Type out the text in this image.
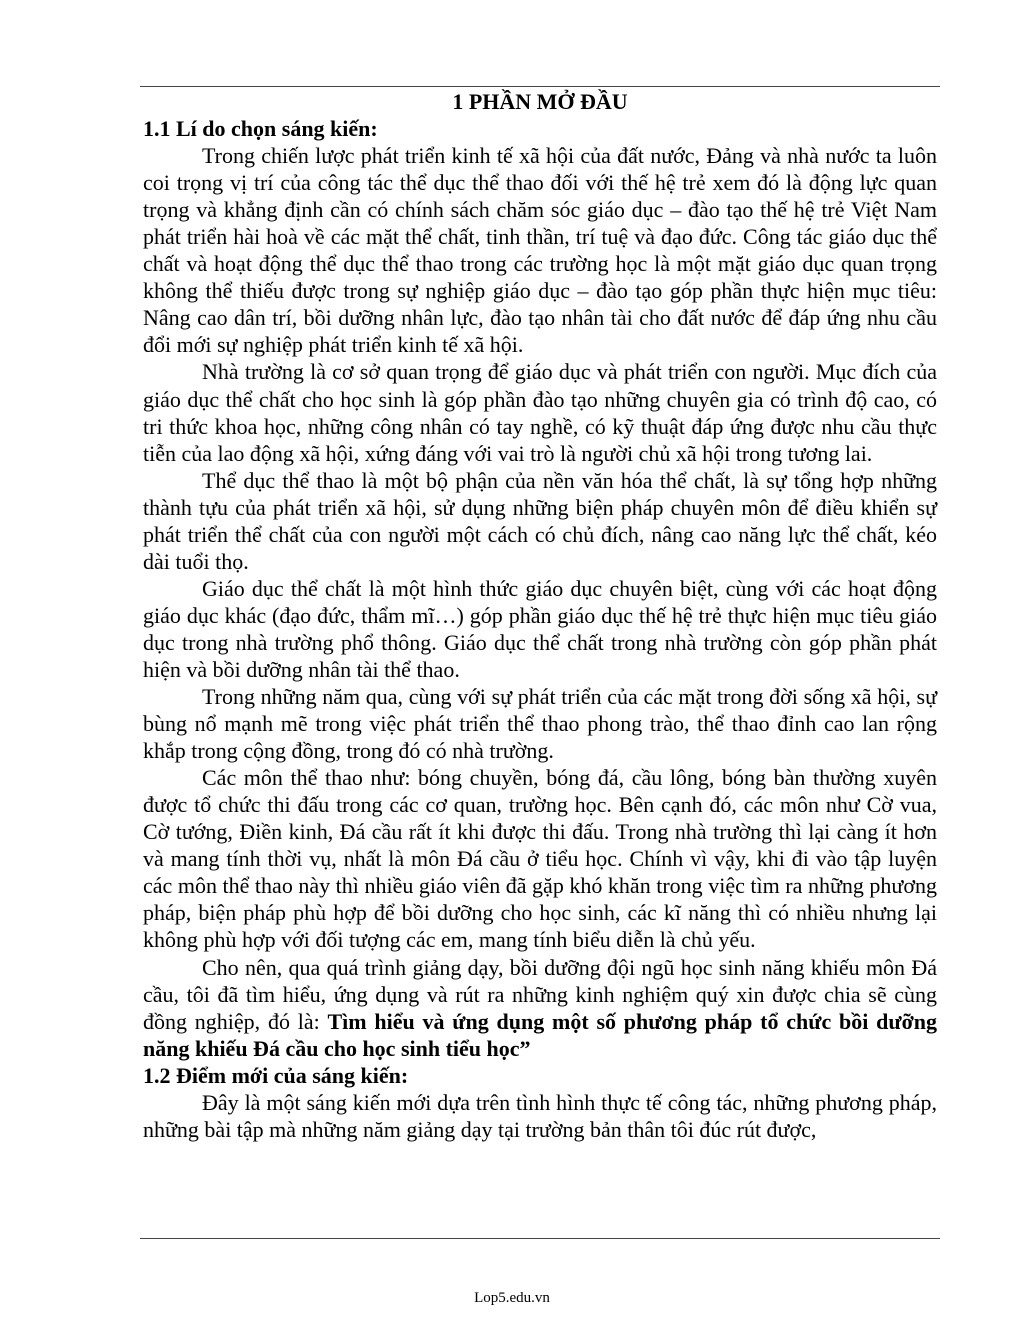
1 PHẦN MỞ ĐẦU

1.1 Lí do chọn sáng kiến:

Trong chiến lược phát triển kinh tế xã hội của đất nước, Đảng và nhà nước ta luôn coi trọng vị trí của công tác thể dục thể thao đối với thế hệ trẻ xem đó là động lực quan trọng và khẳng định cần có chính sách chăm sóc giáo dục – đào tạo thế hệ trẻ Việt Nam phát triển hài hoà về các mặt thể chất, tinh thần, trí tuệ và đạo đức. Công tác giáo dục thể chất và hoạt động thể dục thể thao trong các trường học là một mặt giáo dục quan trọng không thể thiếu được trong sự nghiệp giáo dục – đào tạo góp phần thực hiện mục tiêu: Nâng cao dân trí, bồi dưỡng nhân lực, đào tạo nhân tài cho đất nước để đáp ứng nhu cầu đổi mới sự nghiệp phát triển kinh tế xã hội.

Nhà trường là cơ sở quan trọng để giáo dục và phát triển con người. Mục đích của giáo dục thể chất cho học sinh là góp phần đào tạo những chuyên gia có trình độ cao, có tri thức khoa học, những công nhân có tay nghề, có kỹ thuật đáp ứng được nhu cầu thực tiễn của lao động xã hội, xứng đáng với vai trò là người chủ xã hội trong tương lai.

Thể dục thể thao là một bộ phận của nền văn hóa thể chất, là sự tổng hợp những thành tựu của phát triển xã hội, sử dụng những biện pháp chuyên môn để điều khiển sự phát triển thể chất của con người một cách có chủ đích, nâng cao năng lực thể chất, kéo dài tuổi thọ.

Giáo dục thể chất là một hình thức giáo dục chuyên biệt, cùng với các hoạt động giáo dục khác (đạo đức, thẩm mĩ…) góp phần giáo dục thế hệ trẻ thực hiện mục tiêu giáo dục trong nhà trường phổ thông. Giáo dục thể chất trong nhà trường còn góp phần phát hiện và bồi dưỡng nhân tài thể thao.

Trong những năm qua, cùng với sự phát triển của các mặt trong đời sống xã hội, sự bùng nổ mạnh mẽ trong việc phát triển thể thao phong trào, thể thao đỉnh cao lan rộng khắp trong cộng đồng, trong đó có nhà trường.

Các môn thể thao như: bóng chuyền, bóng đá, cầu lông, bóng bàn thường xuyên được tổ chức thi đấu trong các cơ quan, trường học. Bên cạnh đó, các môn như Cờ vua, Cờ tướng, Điền kinh, Đá cầu rất ít khi được thi đấu. Trong nhà trường thì lại càng ít hơn và mang tính thời vụ, nhất là môn Đá cầu ở tiểu học. Chính vì vậy, khi đi vào tập luyện các môn thể thao này thì nhiều giáo viên đã gặp khó khăn trong việc tìm ra những phương pháp, biện pháp phù hợp để bồi dưỡng cho học sinh, các kĩ năng thì có nhiều nhưng lại không phù hợp với đối tượng các em, mang tính biểu diễn là chủ yếu.

Cho nên, qua quá trình giảng dạy, bồi dưỡng đội ngũ học sinh năng khiếu môn Đá cầu, tôi đã tìm hiểu, ứng dụng và rút ra những kinh nghiệm quý xin được chia sẽ cùng đồng nghiệp, đó là: Tìm hiểu và ứng dụng một số phương pháp tổ chức bồi dưỡng năng khiếu Đá cầu cho học sinh tiểu học”

1.2 Điểm mới của sáng kiến:

Đây là một sáng kiến mới dựa trên tình hình thực tế công tác, những phương pháp, những bài tập mà những năm giảng dạy tại trường bản thân tôi đúc rút được,

Lop5.edu.vn
